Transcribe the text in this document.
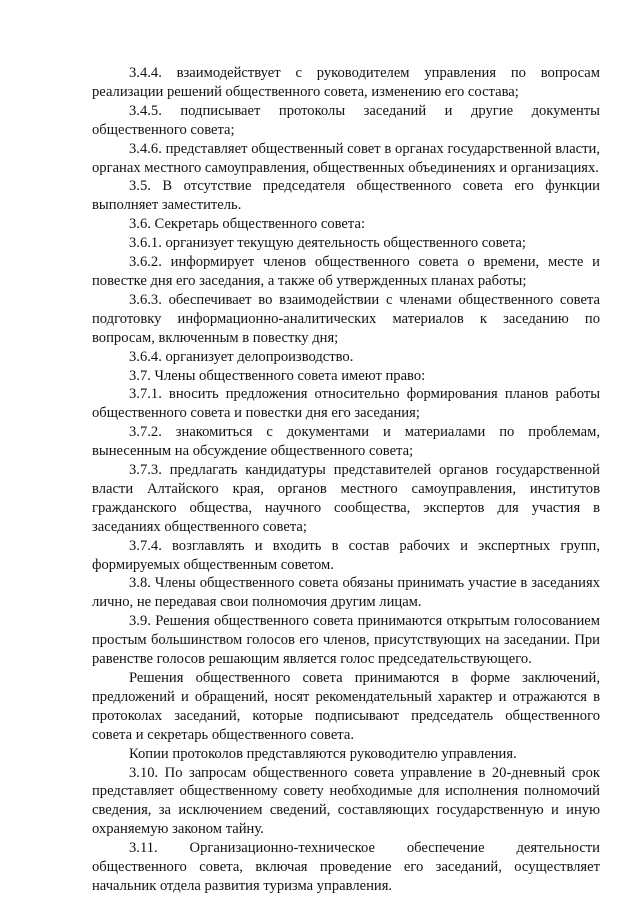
3.4.4. взаимодействует с руководителем управления по вопросам реализации решений общественного совета, изменению его состава;

3.4.5. подписывает протоколы заседаний и другие документы общественного совета;

3.4.6. представляет общественный совет в органах государственной власти, органах местного самоуправления, общественных объединениях и организациях.

3.5. В отсутствие председателя общественного совета его функции выполняет заместитель.

3.6. Секретарь общественного совета:

3.6.1. организует текущую деятельность общественного совета;

3.6.2. информирует членов общественного совета о времени, месте и повестке дня его заседания, а также об утвержденных планах работы;

3.6.3. обеспечивает во взаимодействии с членами общественного совета подготовку информационно-аналитических материалов к заседанию по вопросам, включенным в повестку дня;

3.6.4. организует делопроизводство.

3.7. Члены общественного совета имеют право:

3.7.1. вносить предложения относительно формирования планов работы общественного совета и повестки дня его заседания;

3.7.2. знакомиться с документами и материалами по проблемам, вынесенным на обсуждение общественного совета;

3.7.3. предлагать кандидатуры представителей органов государственной власти Алтайского края, органов местного самоуправления, институтов гражданского общества, научного сообщества, экспертов для участия в заседаниях общественного совета;

3.7.4. возглавлять и входить в состав рабочих и экспертных групп, формируемых общественным советом.

3.8. Члены общественного совета обязаны принимать участие в заседаниях лично, не передавая свои полномочия другим лицам.

3.9. Решения общественного совета принимаются открытым голосованием простым большинством голосов его членов, присутствующих на заседании. При равенстве голосов решающим является голос председательствующего.

Решения общественного совета принимаются в форме заключений, предложений и обращений, носят рекомендательный характер и отражаются в протоколах заседаний, которые подписывают председатель общественного совета и секретарь общественного совета.

Копии протоколов представляются руководителю управления.

3.10. По запросам общественного совета управление в 20-дневный срок представляет общественному совету необходимые для исполнения полномочий сведения, за исключением сведений, составляющих государственную и иную охраняемую законом тайну.

3.11. Организационно-техническое обеспечение деятельности общественного совета, включая проведение его заседаний, осуществляет начальник отдела развития туризма управления.
